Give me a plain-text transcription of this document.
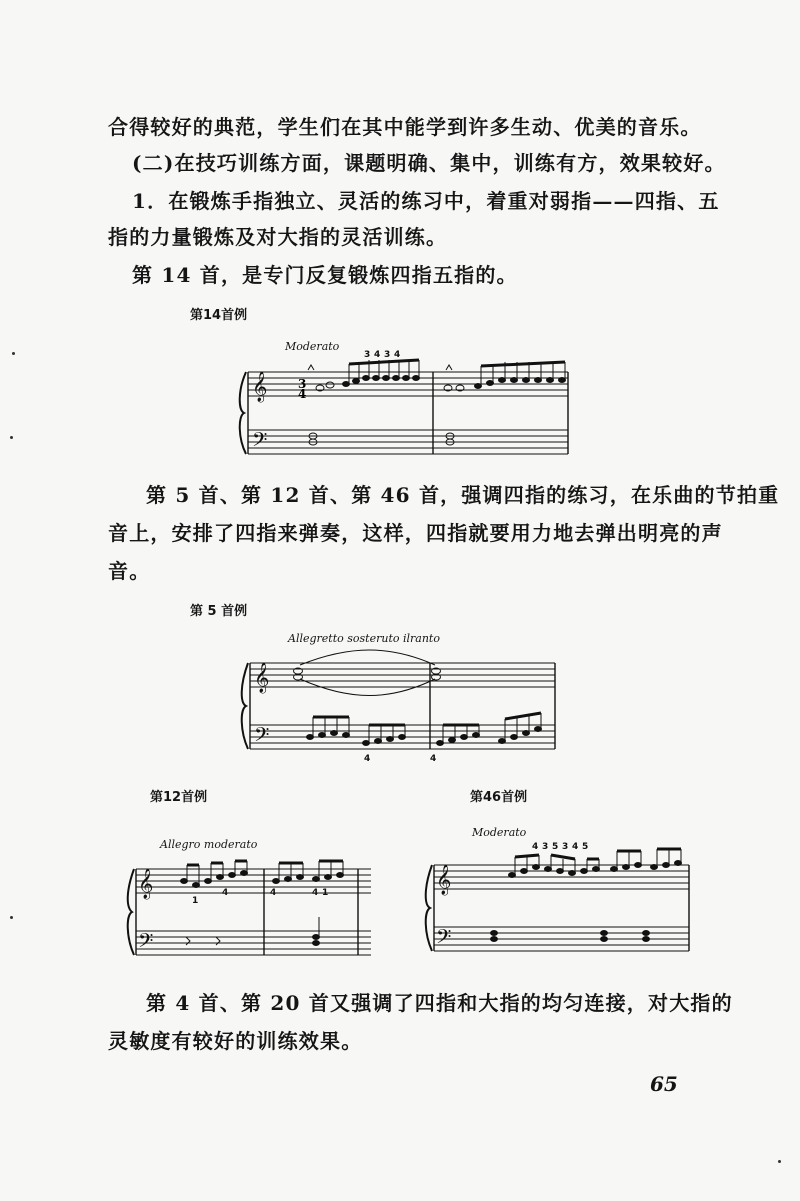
合得较好的典范，学生们在其中能学到许多生动、优美的音乐。
(二)在技巧训练方面，课题明确、集中，训练有方，效果较好。
1．在锻炼手指独立、灵活的练习中，着重对弱指——四指、五
指的力量锻炼及对大指的灵活训练。
第 14 首，是专门反复锻炼四指五指的。
第14首例
Moderato
𝄞
𝄢
3
4
3 4 3 4
第 5 首、第 12 首、第 46 首，强调四指的练习，在乐曲的节拍重
音上，安排了四指来弹奏，这样，四指就要用力地去弹出明亮的声
音。
第 5 首例
Allegretto sosteruto ilranto
𝄞
𝄢
4	4
第12首例
Allegro moderato
𝄞
𝄢
1
4	4	4 1
第46首例
Moderato
𝄞
𝄢
4 3 5 3 4 5
第 4 首、第 20 首又强调了四指和大指的均匀连接，对大指的
灵敏度有较好的训练效果。
65
